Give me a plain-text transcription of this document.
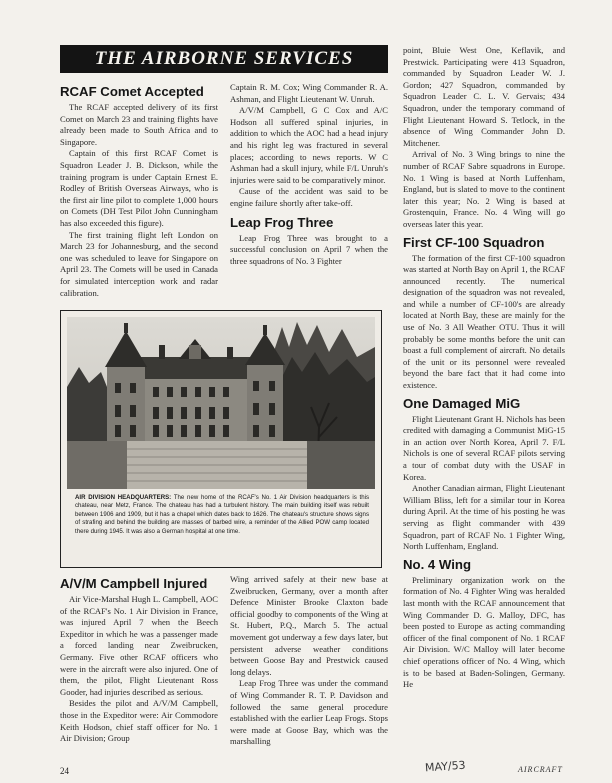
THE AIRBORNE SERVICES
RCAF Comet Accepted

The RCAF accepted delivery of its first Comet on March 23 and training flights have already been made to South Africa and to Singapore.

Captain of this first RCAF Comet is Squadron Leader J. B. Dickson, while the training program is under Captain Ernest E. Rodley of British Overseas Airways, who is the first air line pilot to complete 1,000 hours on Comets (DH Test Pilot John Cunningham has also exceeded this figure).

The first training flight left London on March 23 for Johannesburg, and the second one was scheduled to leave for Singapore on April 23. The Comets will be used in Canada for simulated interception work and radar calibration.

Captain R. M. Cox; Wing Commander R. A. Ashman, and Flight Lieutenant W. Unruh.

A/V/M Campbell, G C Cox and A/C Hodson all suffered spinal injuries, in addition to which the AOC had a head injury and his right leg was fractured in several places; according to news reports. W C Ashman had a skull injury, while F/L Unruh's injuries were said to be comparatively minor.

Cause of the accident was said to be engine failure shortly after take-off.

Leap Frog Three

Leap Frog Three was brought to a successful conclusion on April 7 when the three squadrons of No. 3 Fighter

point, Bluie West One, Keflavik, and Prestwick. Participating were 413 Squadron, commanded by Squadron Leader W. J. Gordon; 427 Squadron, commanded by Squadron Leader C. L. V. Gervais; 434 Squadron, under the temporary command of Flight Lieutenant Howard S. Tetlock, in the absence of Wing Commander John D. Mitchener.

Arrival of No. 3 Wing brings to nine the number of RCAF Sabre squadrons in Europe. No. 1 Wing is based at North Luffenham, England, but is slated to move to the continent later this year; No. 2 Wing is based at Grostenquin, France. No. 4 Wing will go overseas later this year.

First CF-100 Squadron

The formation of the first CF-100 squadron was started at North Bay on April 1, the RCAF announced recently. The numerical designation of the squadron was not revealed, and while a number of CF-100's are already located at North Bay, these are mainly for the use of No. 3 All Weather OTU. Thus it will probably be some months before the unit can boast a full complement of aircraft. No details of the unit or its personnel were revealed beyond the bare fact that it had come into existence.

One Damaged MiG

Flight Lieutenant Grant H. Nichols has been credited with damaging a Communist MiG-15 in an action over North Korea, April 7. F/L Nichols is one of several RCAF pilots serving a tour of combat duty with the USAF in Korea.

Another Canadian airman, Flight Lieutenant William Bliss, left for a similar tour in Korea during April. At the time of his posting he was serving as flight commander with 439 Squadron, part of RCAF No. 1 Fighter Wing, North Luffenham, England.

No. 4 Wing

Preliminary organization work on the formation of No. 4 Fighter Wing was heralded last month with the RCAF announcement that Wing Commander D. G. Malloy, DFC, has been posted to Europe as acting commanding officer of the final component of No. 1 RCAF Air Division. W/C Malloy will later become chief operations officer of No. 4 Wing, which is to be based at Baden-Solingen, Germany. He

AIR DIVISION HEADQUARTERS: The new home of the RCAF's No. 1 Air Division headquarters is this chateau, near Metz, France. The chateau has had a turbulent history. The main building itself was rebuilt between 1906 and 1909, but it has a chapel which dates back to 1626. The chateau's structure shows signs of strafing and behind the building are masses of barbed wire, a reminder of the Allied POW camp located there during 1945. It was also a German hospital at one time.
A/V/M Campbell Injured

Air Vice-Marshal Hugh L. Campbell, AOC of the RCAF's No. 1 Air Division in France, was injured April 7 when the Beech Expeditor in which he was a passenger made a forced landing near Zweibrucken, Germany. Five other RCAF officers who were in the aircraft were also injured. One of them, the pilot, Flight Lieutenant Ross Gooder, had injuries described as serious.

Besides the pilot and A/V/M Campbell, those in the Expeditor were: Air Commodore Keith Hodson, chief staff officer for No. 1 Air Division; Group

Wing arrived safely at their new base at Zweibrucken, Germany, over a month after Defence Minister Brooke Claxton bade official goodby to components of the Wing at St. Hubert, P.Q., March 5. The actual movement got underway a few days later, but persistent adverse weather conditions between Goose Bay and Prestwick caused long delays.

Leap Frog Three was under the command of Wing Commander R. T. P. Davidson and followed the same general procedure established with the earlier Leap Frogs. Stops were made at Goose Bay, which was the marshalling

24	MAY/53	AIRCRAFT
